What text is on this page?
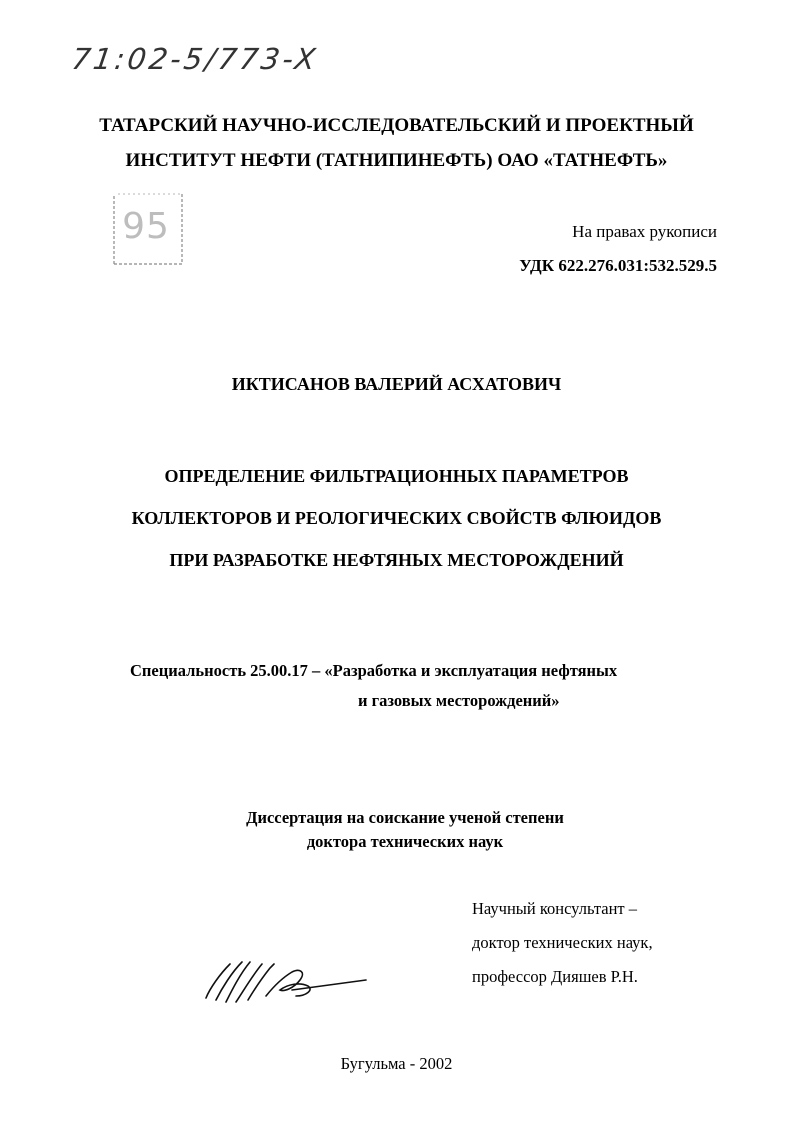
71:02-5/773-X
ТАТАРСКИЙ НАУЧНО-ИССЛЕДОВАТЕЛЬСКИЙ И ПРОЕКТНЫЙ
ИНСТИТУТ НЕФТИ (ТАТНИПИНЕФТЬ) ОАО «ТАТНЕФТЬ»
95	На правах рукописи
УДК 622.276.031:532.529.5
ИКТИСАНОВ ВАЛЕРИЙ АСХАТОВИЧ
ОПРЕДЕЛЕНИЕ ФИЛЬТРАЦИОННЫХ ПАРАМЕТРОВ
КОЛЛЕКТОРОВ И РЕОЛОГИЧЕСКИХ СВОЙСТВ ФЛЮИДОВ
ПРИ РАЗРАБОТКЕ НЕФТЯНЫХ МЕСТОРОЖДЕНИЙ
Специальность 25.00.17 – «Разработка и эксплуатация нефтяных
и газовых месторождений»
Диссертация на соискание ученой степени
доктора технических наук
Научный консультант –
доктор технических наук,
профессор Дияшев Р.Н.
Бугульма - 2002
